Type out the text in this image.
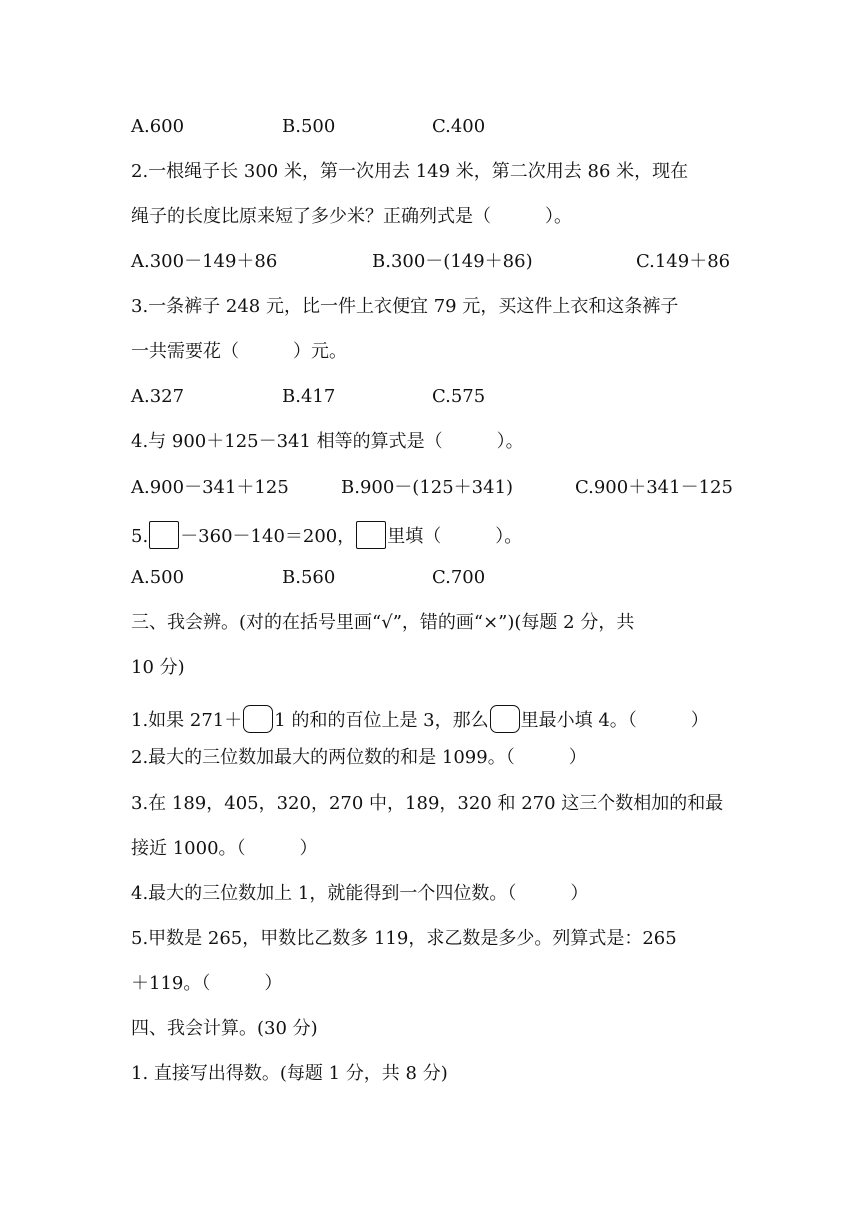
A.600	B.500	C.400
2.一根绳子长 300 米，第一次用去 149 米，第二次用去 86 米，现在
绳子的长度比原来短了多少米？正确列式是（　　　）。
A.300－149＋86	B.300－(149＋86)	C.149＋86
3.一条裤子 248 元，比一件上衣便宜 79 元，买这件上衣和这条裤子
一共需要花（　　　）元。
A.327	B.417	C.575
4.与 900＋125－341 相等的算式是（　　　）。
A.900－341＋125	B.900－(125＋341)	C.900＋341－125
5. －360－140＝200， 里填（　　　）。
A.500	B.560	C.700
三、我会辨。(对的在括号里画“√”，错的画“×”)(每题 2 分，共
10 分)
1.如果 271＋ 1 的和的百位上是 3，那么 里最小填 4。（　　　）
2.最大的三位数加最大的两位数的和是 1099。（　　　）
3.在 189，405，320，270 中，189，320 和 270 这三个数相加的和最
接近 1000。（　　　）
4.最大的三位数加上 1，就能得到一个四位数。（　　　）
5.甲数是 265，甲数比乙数多 119，求乙数是多少。列算式是：265
＋119。（　　　）
四、我会计算。(30 分)
1. 直接写出得数。(每题 1 分，共 8 分)
